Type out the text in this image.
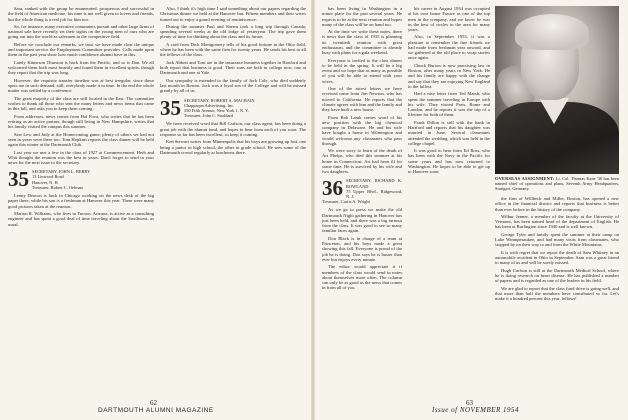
Sara, ranked with the group he enumerated, prosperous and successful in the field of American medicine; his time is not well given to lovers and friends, but the whole thing is a real job for him too.

So, for instance, many executive commuters pursuit and other large firms of national sale have recently set their sights on the young men of ours who are going out into the world as salesmen in the competitive field.

Before we conclude our remarks, we trust we have made clear the unique and important service the Employment Committee provides. Calls made upon them in the past year show how much confidence alumni have in this.

Lately Kinneson Thurston is back from the Pacific, and so is Dan. We all welcomed them both most heartily and found them in excellent spirits, though they report that the trip was long.

However, the requisite transfer timeline was at best irregular, since these spots are in such demand; still, everybody made it in time. In the end the whole matter was settled by a conference.

The great majority of the class are still located in the East. The committee wishes to thank all those who sent the many letters and news items that came in this fall, and asks you to keep them coming.

From addresses, news comes from Hal Frost, who writes that he has been retiring as an active partner, though still living in New Hampshire, writes that his family visited the campus this summer.

Saw Lew and Judy at the Homecoming game; plenty of others we had not seen in years were there too. Tom Hopkins reports the class dinner will be held again this winter at the Dartmouth Club.

Last year we met a few in the class of 1927 at Commencement. Herb and Whit thought the reunion was the best in years. Don't forget to send in your news for the next issue to the secretary.

35 SECRETARY, JOHN L. BERRY
13 Linwood Road
Hanover, N. H.
Treasurer, Robert C. Oelman

Lenny Deacon is back in Chicago working on the news desk of the big paper there, while his son is a freshman at Hanover this year. There were many good pictures taken at the reunion.

Marion R. Williams, who lives in Tucson, Arizona, is active as a consulting engineer and has spent a good deal of time traveling about the Southwest, as usual.

Also, I think it's high time I said something about our papers regarding the Christmas dinner we held at the Hanover Inn. Fifteen members and their wives turned out to enjoy a grand evening of reminiscence.

During the summer Paul and Sherm took a long trip through Canada, spending several weeks at the old lodge of yesteryear. The trip gave them plenty of time for thinking about the class and its future.

A card from Dick Montgomery tells of his good fortune in the Ohio field, where he has been with the same firm for twenty years. He sends his best to all the fellows of the class.

Jack Abbott and Tom are in the insurance business together in Hartford and both report that business is good. Their sons are both in college now, one at Dartmouth and one at Yale.

Our sympathy is extended to the family of Jack Cole, who died suddenly last month in Boston. Jack was a loyal son of the College and will be missed greatly by all of us.

35 SECRETARY, ROBERT A. MACBAIN
Chappaqua Advertising, Inc.
350 Fifth Avenue, New York 1, N. Y.
Treasurer, John C. Stoddard

We have received word that Bill Carlson, our class agent, has been doing a great job with the alumni fund, and hopes to hear from each of you soon. The response so far has been excellent, so keep it coming.

Ken Stewart writes from Minneapolis that his boys are growing up fast, one being a junior in high school, the other in grade school. He sees some of the Dartmouth crowd regularly at luncheons there.

62
DARTMOUTH ALUMNI MAGAZINE

has been living in Washington in a minor place for the past several years. He expects to be at the next reunion and hopes many of the class will be on hand too.

At the time we write these notes, there is news that the class of 1935 is planning its twentieth reunion with great enthusiasm, and the committee is already busy with plans for a gala weekend.

Everyone is invited to the class dinner to be held in the spring. It will be a big event and we hope that as many as possible of you will be able to attend with your wives.

One of the nicest letters we have received came from Jim Newton, who has moved to California. He reports that the climate agrees with him and the family and they have built a new house.

From Bob Lamb comes word of his new position with the big chemical company in Delaware. He and his wife have bought a home in Wilmington and would welcome any classmates who pass through.

We were sorry to learn of the death of Art Phelps, who died this summer at his home in Connecticut. Art had been ill for some time. He is survived by his wife and two daughters.

36 SECRETARY, RICHARD K. ROWLAND
75 Upper Blvd., Ridgewood, N. J.
Treasurer, Curtis A. Wright

As we go to press we make the old Dartmouth Night gathering in Hanover has just been held, and there was a big turnout from the class. It was good to see so many familiar faces again.

Don Black is in charge of a team at Princeton, and his boys made a great showing this fall. Everyone is proud of the job he is doing. Don says he is busier than ever but enjoys every minute.

The editor would appreciate it if members of the class would send in notes about themselves more often. The column can only be as good as the news that comes in from all of you.

his career in August 1934 was occupied at his own home France as one of the top men in the company, and we know he was in the best of circles in the area for many years.

Also, in September 1953, it was a pleasure to remember the fine friends we had made from freshman year onward, and we gathered at the old place to swap stories once again.

Chuck Burton is now practicing law in Boston, after many years in New York. He and his family are happy with the change and say that they are enjoying New England to the fullest.

Had a nice letter from Ted Marsh, who spent the summer traveling in Europe with his wife. They visited Paris, Rome and London, and he reports it was the trip of a lifetime for both of them.

Frank Dillon is still with the bank in Hartford and reports that his daughter was married in June. Several classmates attended the wedding, which was held in the college chapel.

It was good to hear from Ed Ross, who has been with the Navy in the Pacific for some years and has now returned to Washington. He hopes to be able to get up to Hanover soon.

OVERSEAS ASSIGNMENT: Lt. Col. Thomas Kane '36 has been named chief of operations and plans, Seventh Army Headquarters, Stuttgart, Germany.

the firm of Willbeck and Miller, Boston, has opened a new office in the financial district and reports that business is better than ever before in the history of the company.

Wilbur Jenner, a member of the faculty at the University of Vermont, has been named head of the department of English. He has been at Burlington since 1940 and is well known.

George Tyler and family spent the summer at their camp on Lake Winnipesaukee, and had many visits from classmates, who stopped by on their way to and from the White Mountains.

It is with regret that we report the death of Sam Whitney in an automobile accident in Ohio in September. Sam was a great friend to many of us and will be sorely missed.

Hugh Carlson is still at the Dartmouth Medical School, where he is doing research on heart disease. He has published a number of papers and is regarded as one of the leaders in his field.

We are glad to report that the class fund drive is going well, and that more than half the members have contributed so far. Let's make it a hundred percent this year, fellows!

Issue of NOVEMBER 1954
63
